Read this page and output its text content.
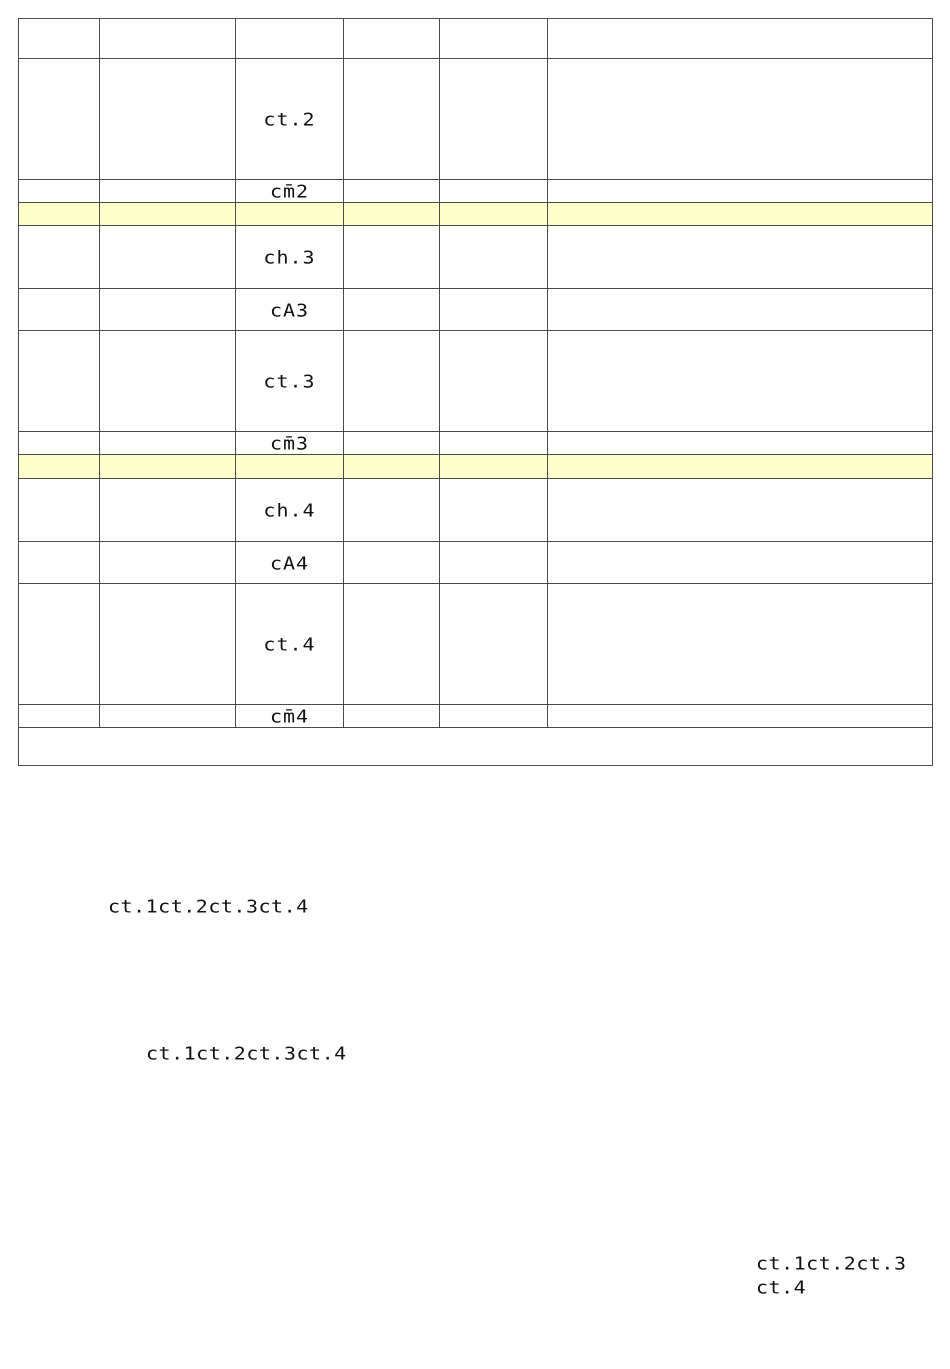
		ct.2			
		cm̄2			

		ch.3			
		cA3			
		ct.3			
		cm̄3			

		ch.4			
		cA4			
		ct.4			
		cm̄4			

ct.1ct.2ct.3ct.4
ct.1ct.2ct.3ct.4
ct.1ct.2ct.3ct.4
